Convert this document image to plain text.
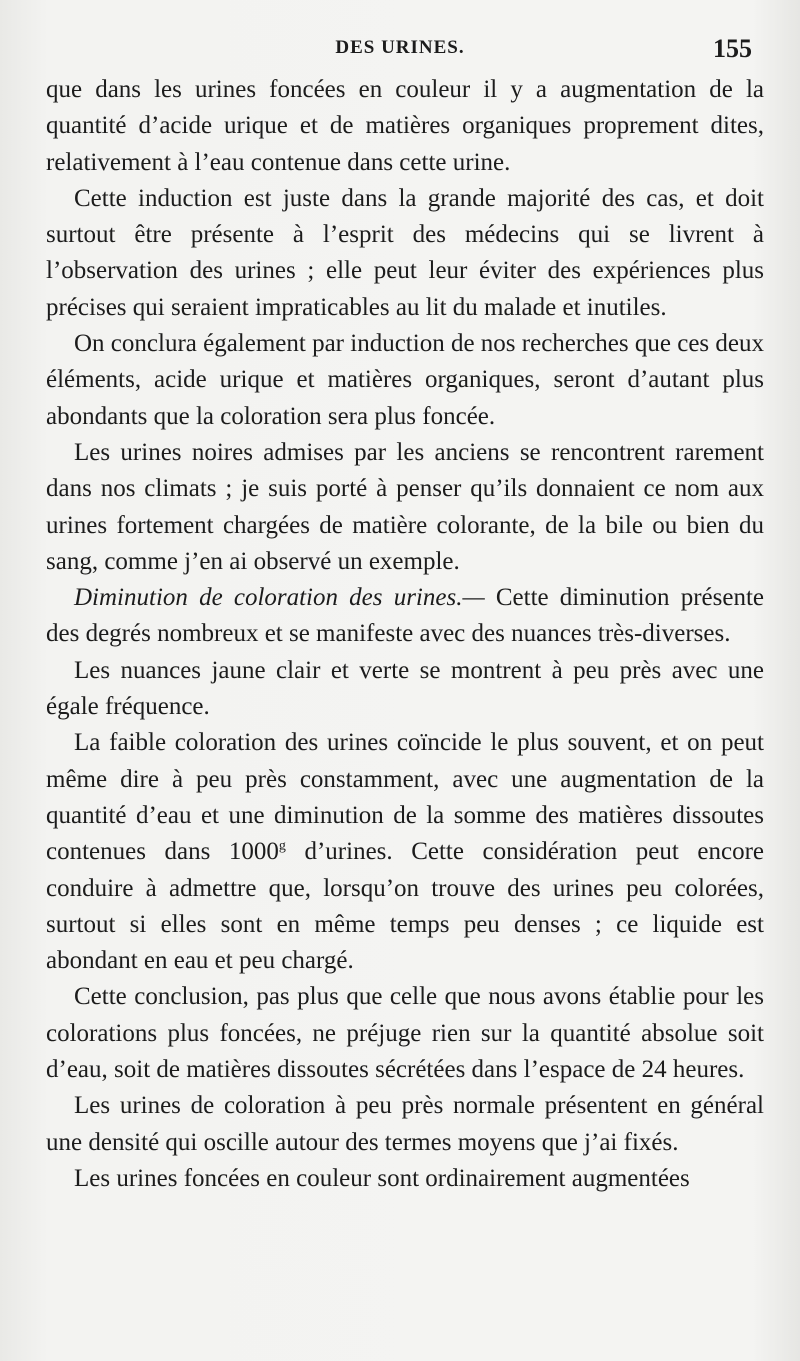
DES URINES.	155

que dans les urines foncées en couleur il y a augmentation de la quantité d’acide urique et de matières organiques proprement dites, relativement à l’eau contenue dans cette urine.

Cette induction est juste dans la grande majorité des cas, et doit surtout être présente à l’esprit des médecins qui se livrent à l’observation des urines ; elle peut leur éviter des expériences plus précises qui seraient impraticables au lit du malade et inutiles.

On conclura également par induction de nos recherches que ces deux éléments, acide urique et matières organiques, seront d’autant plus abondants que la coloration sera plus foncée.

Les urines noires admises par les anciens se rencontrent rarement dans nos climats ; je suis porté à penser qu’ils donnaient ce nom aux urines fortement chargées de matière colorante, de la bile ou bien du sang, comme j’en ai observé un exemple.

Diminution de coloration des urines.— Cette diminution présente des degrés nombreux et se manifeste avec des nuances très-diverses.

Les nuances jaune clair et verte se montrent à peu près avec une égale fréquence.

La faible coloration des urines coïncide le plus souvent, et on peut même dire à peu près constamment, avec une augmentation de la quantité d’eau et une diminution de la somme des matières dissoutes contenues dans 1000$^g$ d’urines. Cette considération peut encore conduire à admettre que, lorsqu’on trouve des urines peu colorées, surtout si elles sont en même temps peu denses ; ce liquide est abondant en eau et peu chargé.

Cette conclusion, pas plus que celle que nous avons établie pour les colorations plus foncées, ne préjuge rien sur la quantité absolue soit d’eau, soit de matières dissoutes sécrétées dans l’espace de 24 heures.

Les urines de coloration à peu près normale présentent en général une densité qui oscille autour des termes moyens que j’ai fixés.

Les urines foncées en couleur sont ordinairement augmentées
